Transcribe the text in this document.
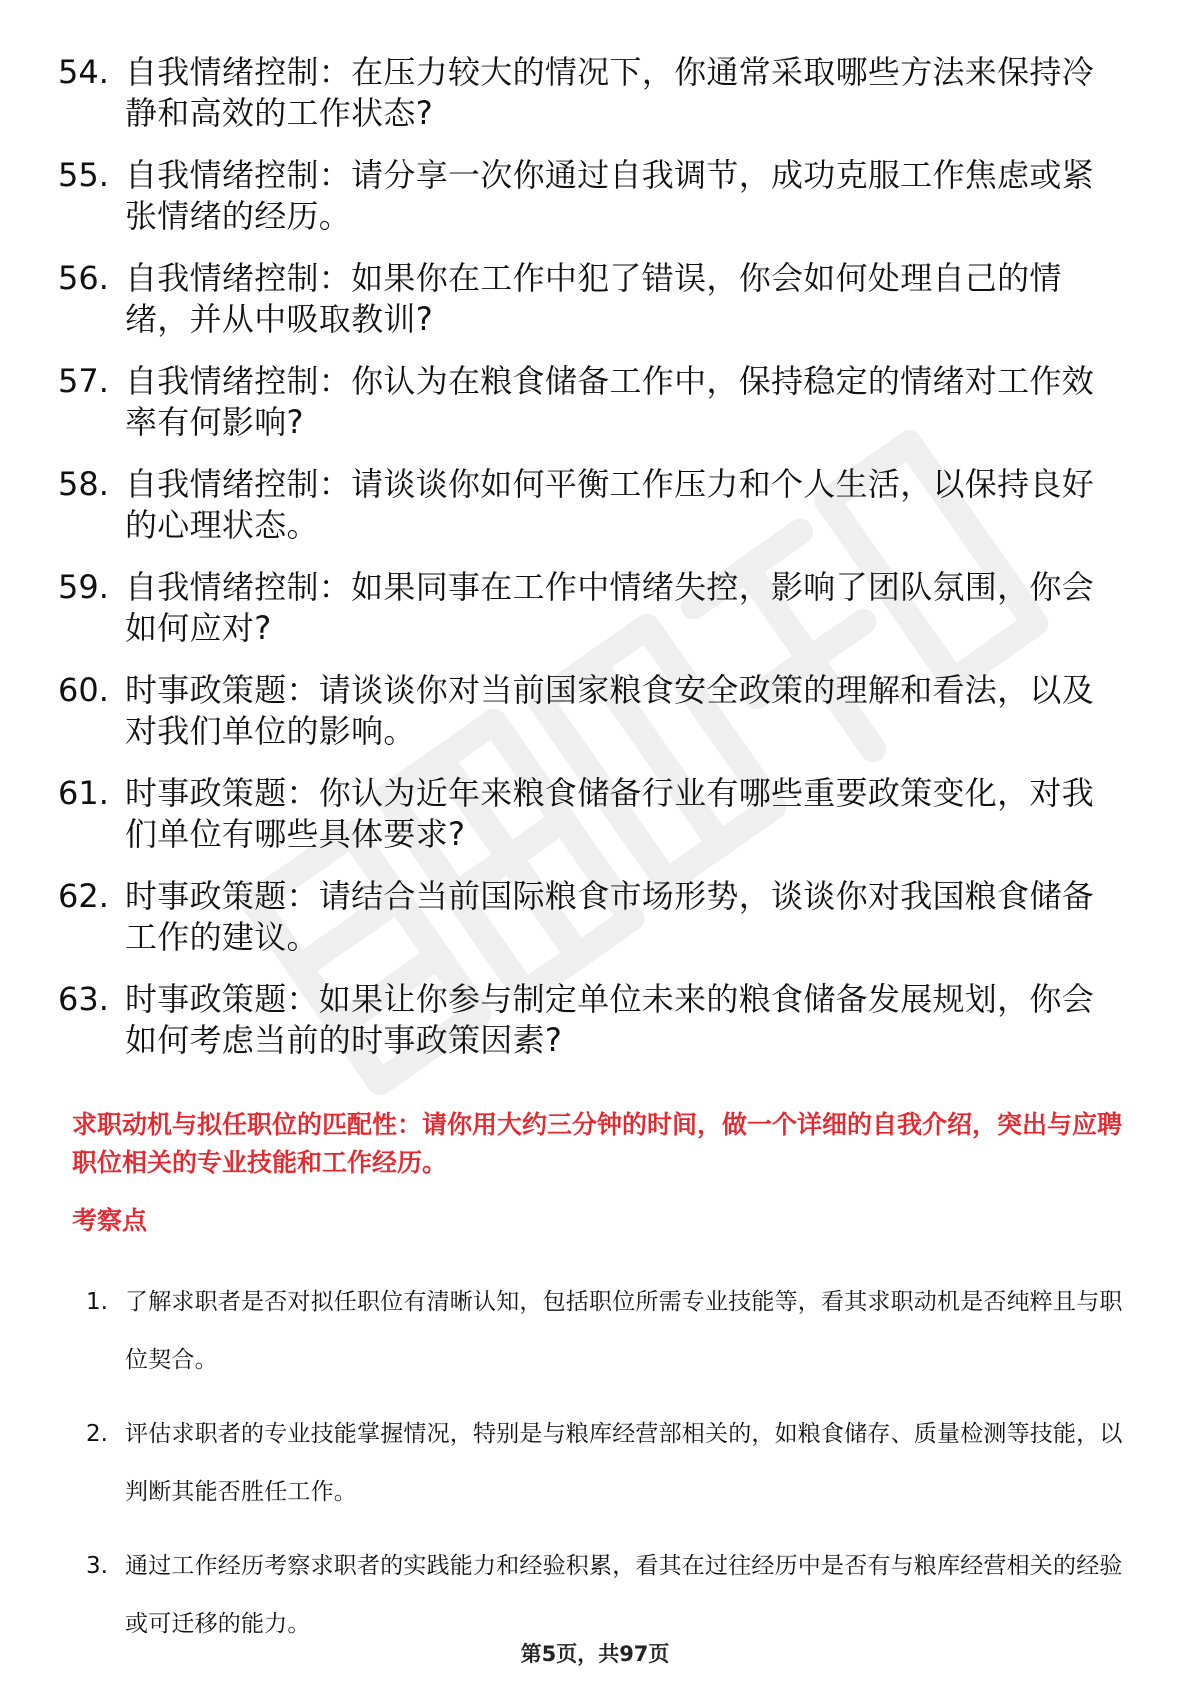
54. 自我情绪控制：在压力较大的情况下，你通常采取哪些方法来保持冷静和高效的工作状态?
55. 自我情绪控制：请分享一次你通过自我调节，成功克服工作焦虑或紧张情绪的经历。
56. 自我情绪控制：如果你在工作中犯了错误，你会如何处理自己的情绪，并从中吸取教训?
57. 自我情绪控制：你认为在粮食储备工作中，保持稳定的情绪对工作效率有何影响?
58. 自我情绪控制：请谈谈你如何平衡工作压力和个人生活，以保持良好的心理状态。
59. 自我情绪控制：如果同事在工作中情绪失控，影响了团队氛围，你会如何应对?
60. 时事政策题：请谈谈你对当前国家粮食安全政策的理解和看法，以及对我们单位的影响。
61. 时事政策题：你认为近年来粮食储备行业有哪些重要政策变化，对我们单位有哪些具体要求?
62. 时事政策题：请结合当前国际粮食市场形势，谈谈你对我国粮食储备工作的建议。
63. 时事政策题：如果让你参与制定单位未来的粮食储备发展规划，你会如何考虑当前的时事政策因素?
求职动机与拟任职位的匹配性：请你用大约三分钟的时间，做一个详细的自我介绍，突出与应聘职位相关的专业技能和工作经历。
考察点
1. 了解求职者是否对拟任职位有清晰认知，包括职位所需专业技能等，看其求职动机是否纯粹且与职位契合。
2. 评估求职者的专业技能掌握情况，特别是与粮库经营部相关的，如粮食储存、质量检测等技能，以判断其能否胜任工作。
3. 通过工作经历考察求职者的实践能力和经验积累，看其在过往经历中是否有与粮库经营相关的经验或可迁移的能力。
第5页，共97页
